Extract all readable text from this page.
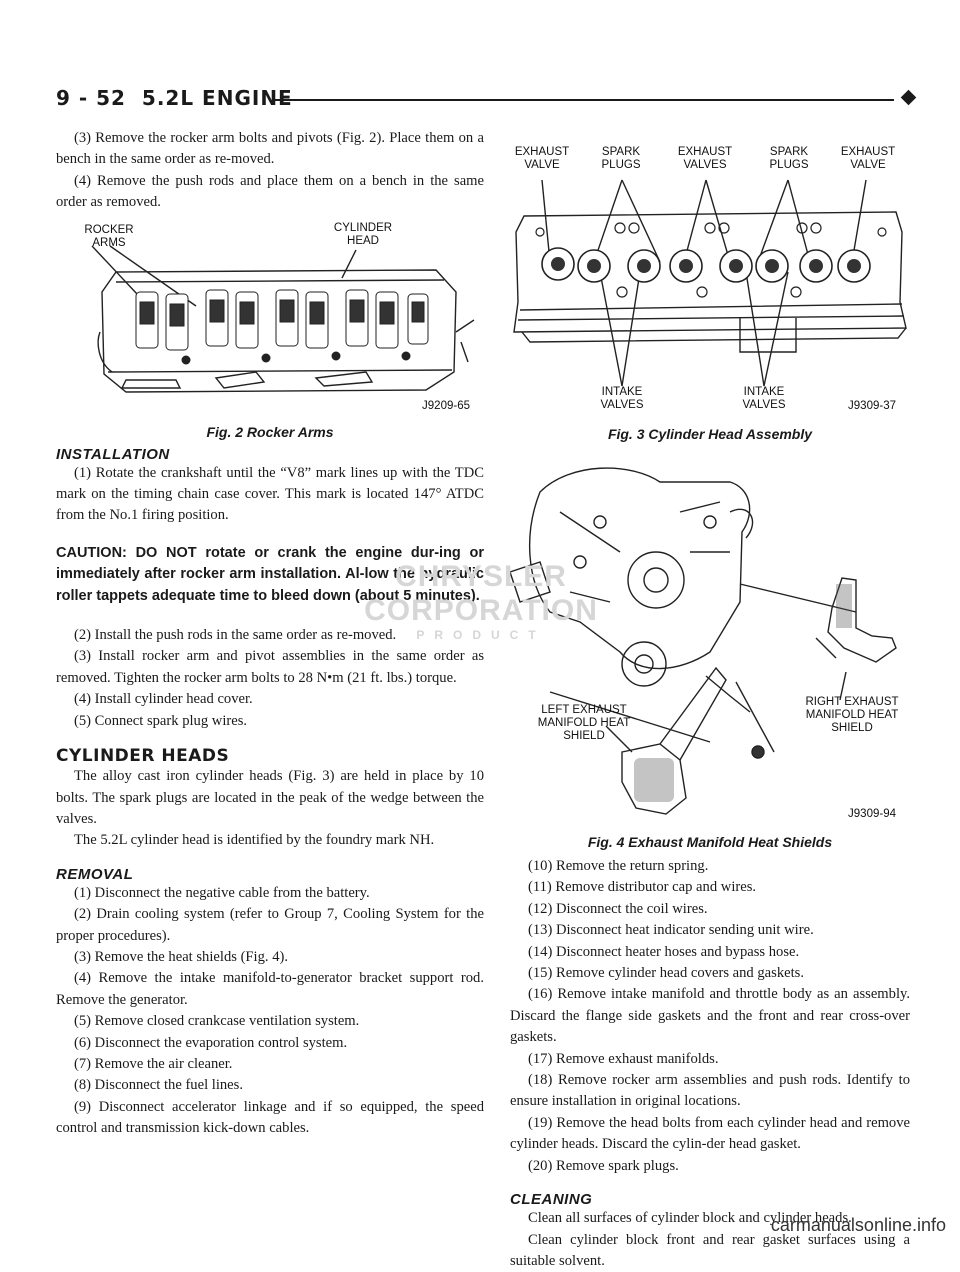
9 - 52 5.2L ENGINE

(3) Remove the rocker arm bolts and pivots (Fig. 2). Place them on a bench in the same order as re-moved.

(4) Remove the push rods and place them on a bench in the same order as removed.

ROCKER ARMS
CYLINDER HEAD
J9209-65
Fig. 2 Rocker Arms
INSTALLATION

(1) Rotate the crankshaft until the “V8” mark lines up with the TDC mark on the timing chain case cover. This mark is located 147° ATDC from the No.1 firing position.

CAUTION: DO NOT rotate or crank the engine dur-ing or immediately after rocker arm installation. Al-low the hydraulic roller tappets adequate time to bleed down (about 5 minutes).

(2) Install the push rods in the same order as re-moved.

(3) Install rocker arm and pivot assemblies in the same order as removed. Tighten the rocker arm bolts to 28 N•m (21 ft. lbs.) torque.

(4) Install cylinder head cover.

(5) Connect spark plug wires.

CYLINDER HEADS

The alloy cast iron cylinder heads (Fig. 3) are held in place by 10 bolts. The spark plugs are located in the peak of the wedge between the valves.

The 5.2L cylinder head is identified by the foundry mark NH.

REMOVAL

(1) Disconnect the negative cable from the battery.

(2) Drain cooling system (refer to Group 7, Cooling System for the proper procedures).

(3) Remove the heat shields (Fig. 4).

(4) Remove the intake manifold-to-generator bracket support rod. Remove the generator.

(5) Remove closed crankcase ventilation system.

(6) Disconnect the evaporation control system.

(7) Remove the air cleaner.

(8) Disconnect the fuel lines.

(9) Disconnect accelerator linkage and if so equipped, the speed control and transmission kick-down cables.

EXHAUST VALVE
SPARK PLUGS
EXHAUST VALVES
SPARK PLUGS
EXHAUST VALVE
INTAKE VALVES
INTAKE VALVES	J9309-37
Fig. 3 Cylinder Head Assembly
LEFT EXHAUST MANIFOLD HEAT SHIELD
RIGHT EXHAUST MANIFOLD HEAT SHIELD
J9309-94
Fig. 4 Exhaust Manifold Heat Shields

(10) Remove the return spring.

(11) Remove distributor cap and wires.

(12) Disconnect the coil wires.

(13) Disconnect heat indicator sending unit wire.

(14) Disconnect heater hoses and bypass hose.

(15) Remove cylinder head covers and gaskets.

(16) Remove intake manifold and throttle body as an assembly. Discard the flange side gaskets and the front and rear cross-over gaskets.

(17) Remove exhaust manifolds.

(18) Remove rocker arm assemblies and push rods. Identify to ensure installation in original locations.

(19) Remove the head bolts from each cylinder head and remove cylinder heads. Discard the cylin-der head gasket.

(20) Remove spark plugs.

CLEANING

Clean all surfaces of cylinder block and cylinder heads.

Clean cylinder block front and rear gasket surfaces using a suitable solvent.

CHRYSLER CORPORATION
PRODUCT
carmanualsonline.info
